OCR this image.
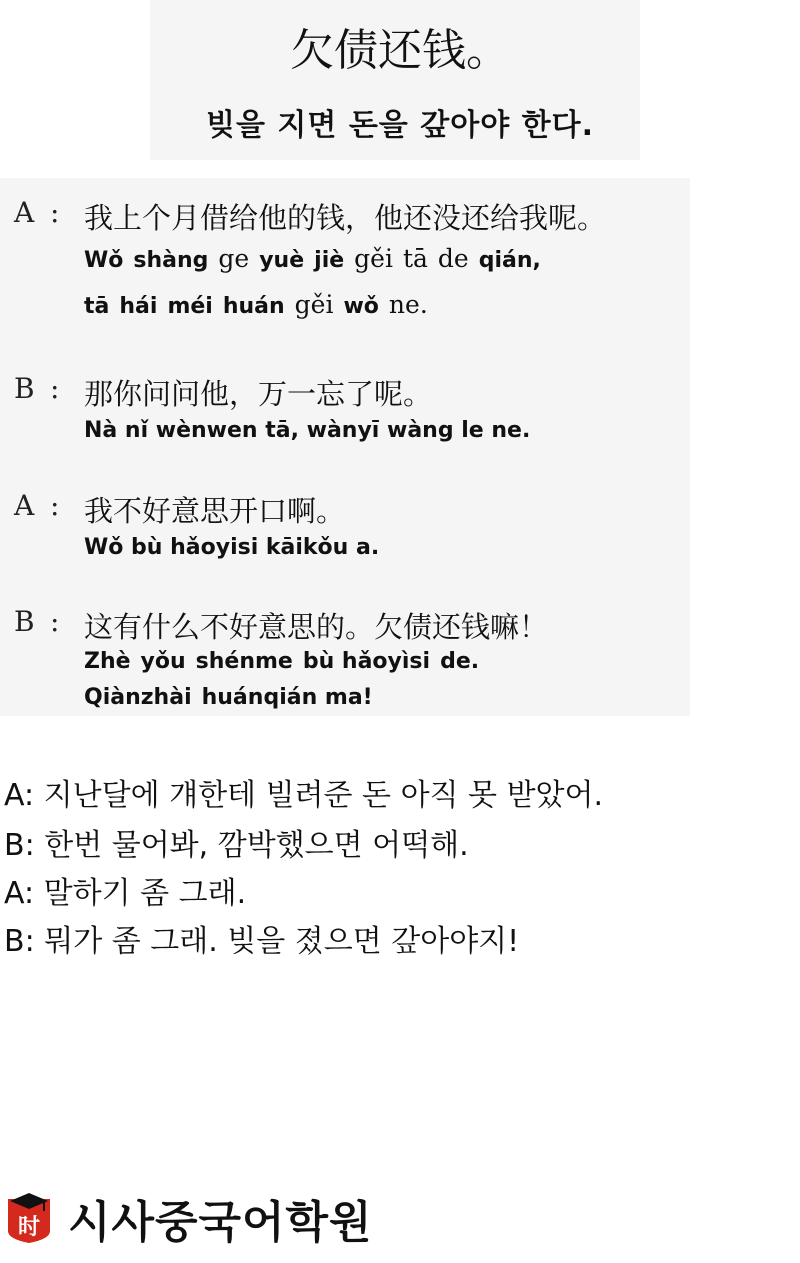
欠债还钱。
빚을 지면 돈을 갚아야 한다.
A : 我上个月借给他的钱，他还没还给我呢。
Wǒ shàng ge yuè jiè gěi tā de qián,
tā hái méi huán gěi wǒ ne.
B : 那你问问他，万一忘了呢。
Nà nǐ wènwen tā, wànyī wàng le ne.
A : 我不好意思开口啊。
Wǒ bù hǎoyisi kāikǒu a.
B : 这有什么不好意思的。欠债还钱嘛！
Zhè yǒu shénme bù hǎoyìsi de.
Qiànzhài huánqián ma!
A: 지난달에 걔한테 빌려준 돈 아직 못 받았어.
B: 한번 물어봐, 깜박했으면 어떡해.
A: 말하기 좀 그래.
B: 뭐가 좀 그래. 빚을 졌으면 갚아야지!
时 시사중국어학원
